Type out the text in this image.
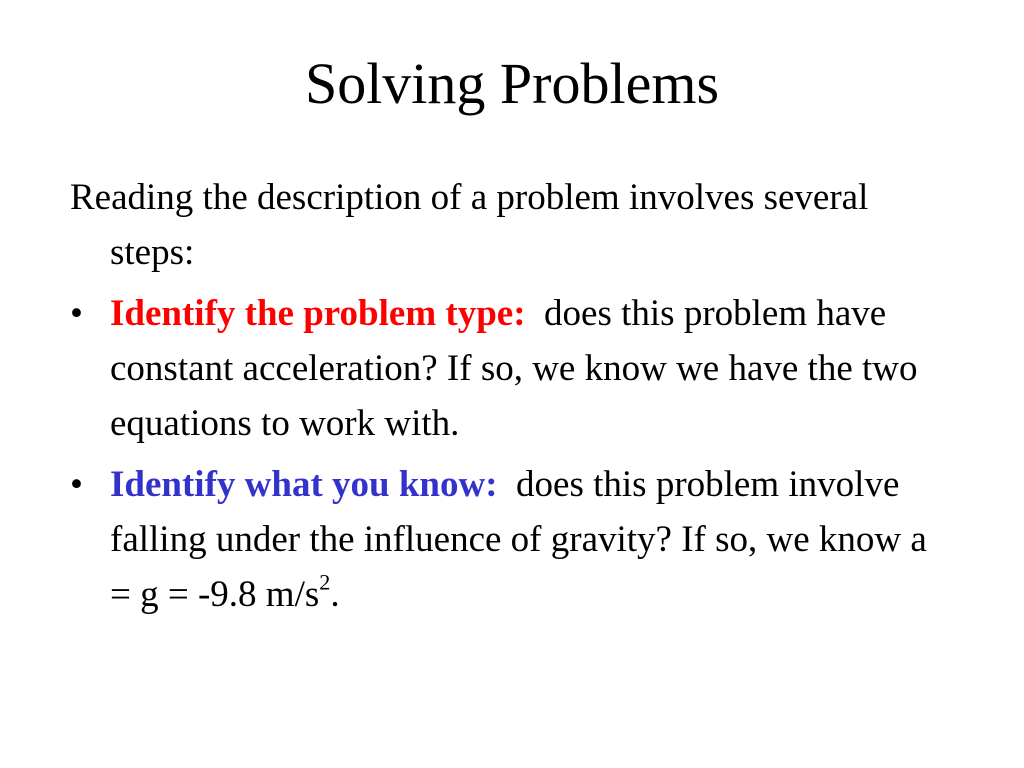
Solving Problems

Reading the description of a problem involves several steps:

• Identify the problem type: does this problem have constant acceleration? If so, we know we have the two equations to work with.
• Identify what you know: does this problem involve falling under the influence of gravity? If so, we know a = g = -9.8 $m/s^2$.
